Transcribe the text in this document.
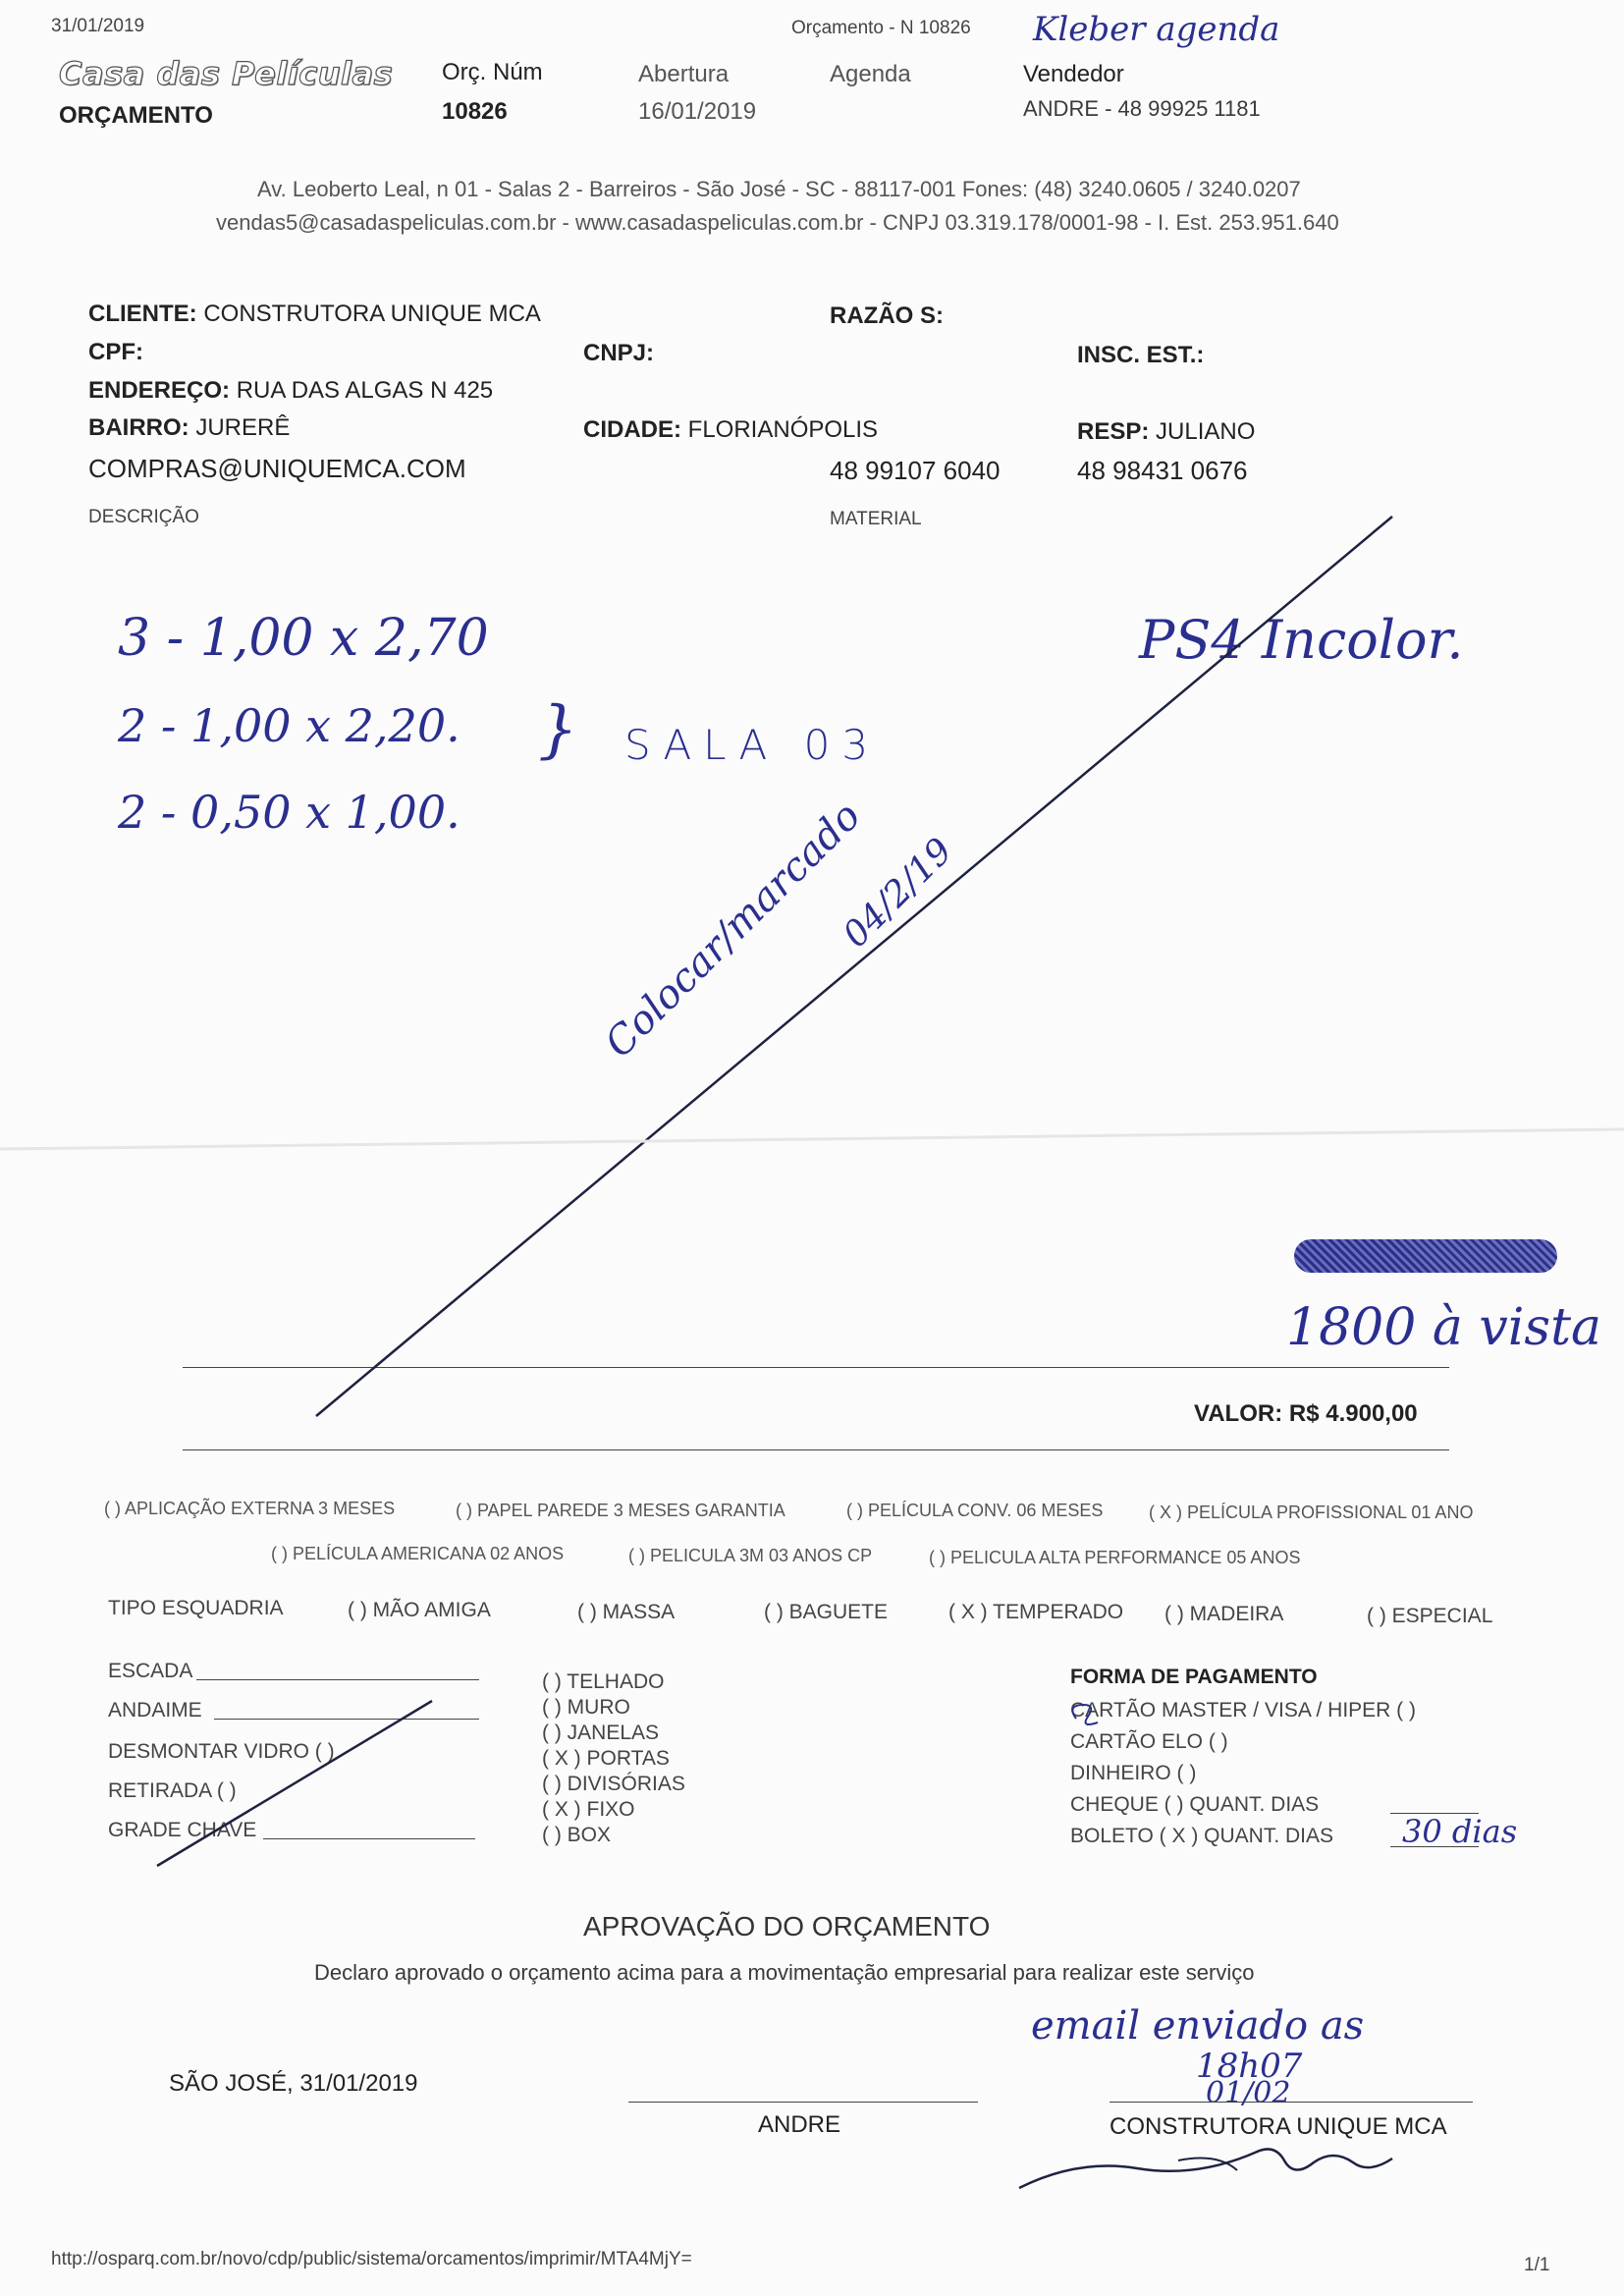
31/01/2019	Orçamento - N 10826 Kleber agenda
Casa das Películas
ORÇAMENTO
Orç. Núm
10826
Abertura
16/01/2019
Agenda	Vendedor
ANDRE - 48 99925 1181
Av. Leoberto Leal, n 01 - Salas 2 - Barreiros - São José - SC - 88117-001 Fones: (48) 3240.0605 / 3240.0207
vendas5@casadaspeliculas.com.br - www.casadaspeliculas.com.br - CNPJ 03.319.178/0001-98 - I. Est. 253.951.640
CLIENTE: CONSTRUTORA UNIQUE MCA	RAZÃO S:
CPF:	CNPJ:	INSC. EST.:
ENDEREÇO: RUA DAS ALGAS N 425
BAIRRO: JURERÊ	CIDADE: FLORIANÓPOLIS	RESP: JULIANO
COMPRAS@UNIQUEMCA.COM	48 99107 6040	48 98431 0676
DESCRIÇÃO	MATERIAL
3 - 1,00 x 2,70
2 - 1,00 x 2,20.
2 - 0,50 x 1,00.
} SALA 03
PS4 Incolor.
Colocar/marcado
04/2/19
1800 à vista
VALOR: R$ 4.900,00
( ) APLICAÇÃO EXTERNA 3 MESES	( ) PAPEL PAREDE 3 MESES GARANTIA	( ) PELÍCULA CONV. 06 MESES	( X ) PELÍCULA PROFISSIONAL 01 ANO
( ) PELÍCULA AMERICANA 02 ANOS	( ) PELICULA 3M 03 ANOS CP	( ) PELICULA ALTA PERFORMANCE 05 ANOS
TIPO ESQUADRIA	( ) MÃO AMIGA	( ) MASSA	( ) BAGUETE	( X ) TEMPERADO ( ) MADEIRA	( ) ESPECIAL
ESCADA
ANDAIME
DESMONTAR VIDRO ( )
RETIRADA ( )
GRADE CHAVE
( ) TELHADO
( ) MURO
( ) JANELAS
( X ) PORTAS
( ) DIVISÓRIAS
( X ) FIXO
( ) BOX
FORMA DE PAGAMENTO
CARTÃO MASTER / VISA / HIPER ( )
CARTÃO ELO ( )
DINHEIRO ( )
CHEQUE ( ) QUANT. DIAS
BOLETO ( X ) QUANT. DIAS 30 dias
APROVAÇÃO DO ORÇAMENTO
Declaro aprovado o orçamento acima para a movimentação empresarial para realizar este serviço
email enviado as
18h07
01/02
SÃO JOSÉ, 31/01/2019
ANDRE	CONSTRUTORA UNIQUE MCA
http://osparq.com.br/novo/cdp/public/sistema/orcamentos/imprimir/MTA4MjY=	1/1
